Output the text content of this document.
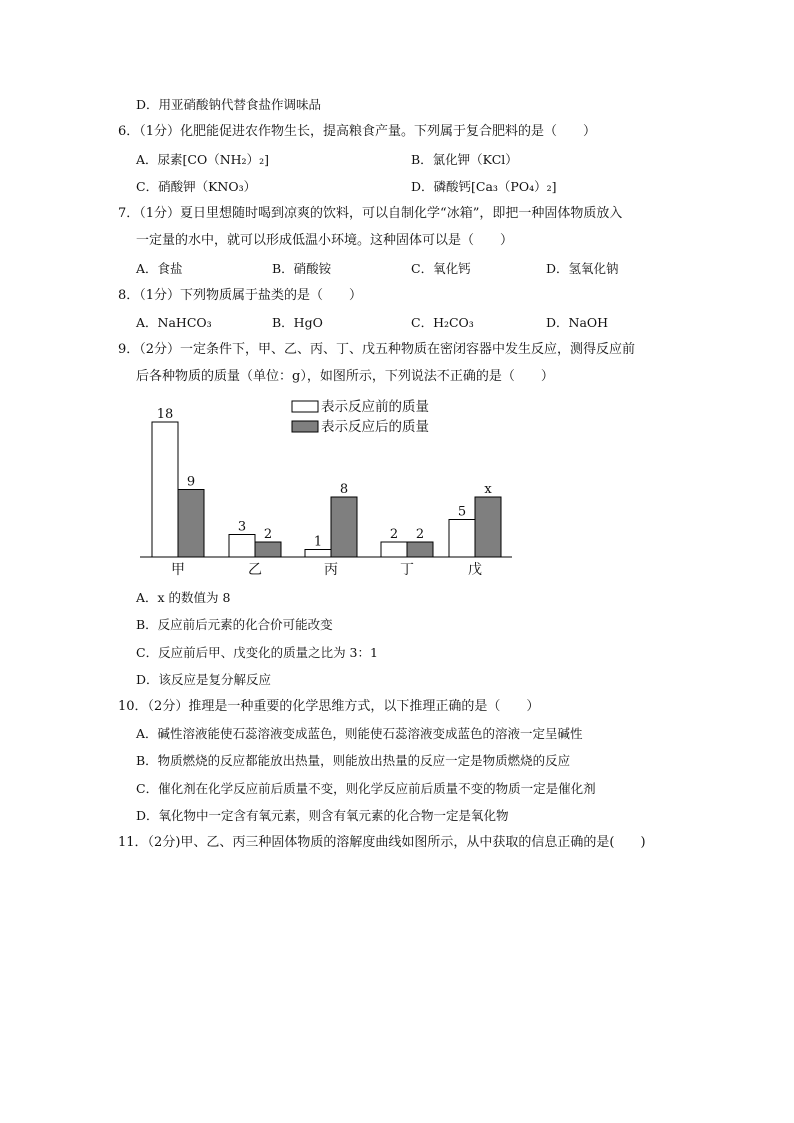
D．用亚硝酸钠代替食盐作调味品
6．（1分）化肥能促进农作物生长，提高粮食产量。下列属于复合肥料的是（　　）
A．尿素[CO（NH₂）₂]	B．氯化钾（KCl）
C．硝酸钾（KNO₃）	D．磷酸钙[Ca₃（PO₄）₂]
7．（1分）夏日里想随时喝到凉爽的饮料，可以自制化学“冰箱”，即把一种固体物质放入
一定量的水中，就可以形成低温小环境。这种固体可以是（　　）
A．食盐	B．硝酸铵	C．氧化钙	D．氢氧化钠
8．（1分）下列物质属于盐类的是（　　）
A．NaHCO₃	B．HgO	C．H₂CO₃	D．NaOH
9．（2分）一定条件下，甲、乙、丙、丁、戊五种物质在密闭容器中发生反应，测得反应前
后各种物质的质量（单位：g），如图所示，下列说法不正确的是（　　）
表示反应前的质量
表示反应后的质量
18
9
甲
3 2
乙
1
8
丙
2 2
丁
5
x
戊
A．x 的数值为 8
B．反应前后元素的化合价可能改变
C．反应前后甲、戊变化的质量之比为 3：1
D．该反应是复分解反应
10．（2分）推理是一种重要的化学思维方式，以下推理正确的是（　　）
A．碱性溶液能使石蕊溶液变成蓝色，则能使石蕊溶液变成蓝色的溶液一定呈碱性
B．物质燃烧的反应都能放出热量，则能放出热量的反应一定是物质燃烧的反应
C．催化剂在化学反应前后质量不变，则化学反应前后质量不变的物质一定是催化剂
D．氧化物中一定含有氧元素，则含有氧元素的化合物一定是氧化物
11．（2分)甲、乙、丙三种固体物质的溶解度曲线如图所示，从中获取的信息正确的是(　　)
